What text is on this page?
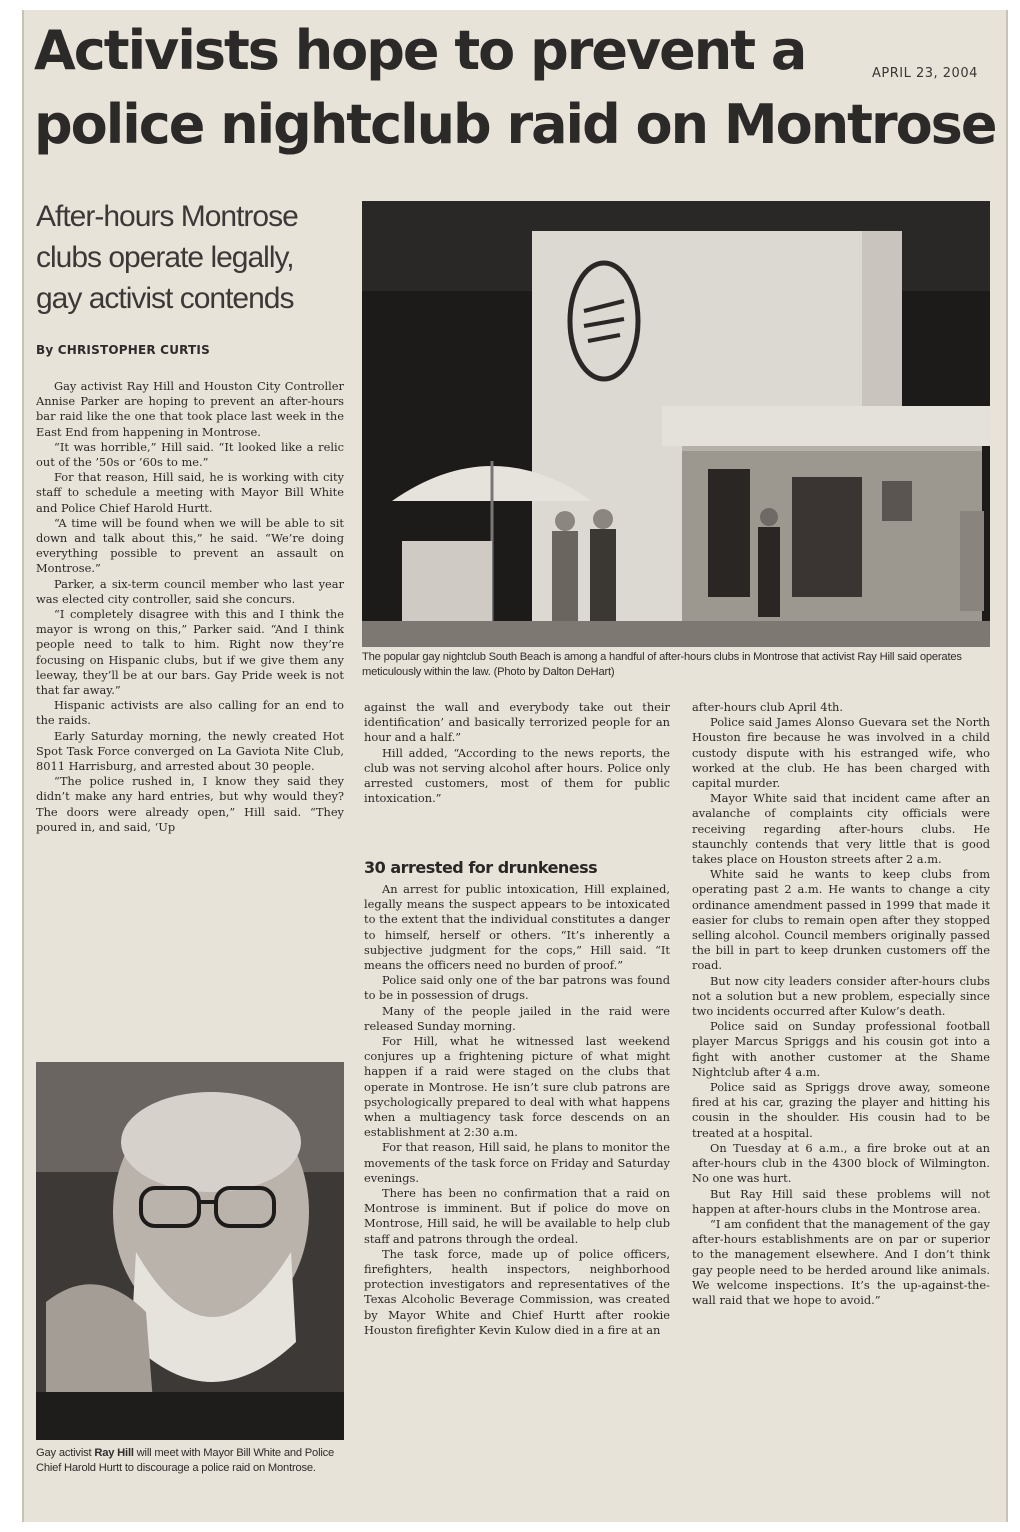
Activists hope to prevent a
police nightclub raid on Montrose
APRIL 23, 2004
After-hours Montrose
clubs operate legally,
gay activist contends
By CHRISTOPHER CURTIS
The popular gay nightclub South Beach is among a handful of after-hours clubs in Montrose that activist Ray Hill said operates meticulously within the law. (Photo by Dalton DeHart)

Gay activist Ray Hill and Houston City Controller Annise Parker are hoping to prevent an after-hours bar raid like the one that took place last week in the East End from happening in Montrose.

“It was horrible,” Hill said. “It looked like a relic out of the ’50s or ’60s to me.”

For that reason, Hill said, he is working with city staff to schedule a meeting with Mayor Bill White and Police Chief Harold Hurtt.

“A time will be found when we will be able to sit down and talk about this,” he said. “We’re doing everything possible to prevent an assault on Montrose.”

Parker, a six-term council member who last year was elected city controller, said she concurs.

“I completely disagree with this and I think the mayor is wrong on this,” Parker said. “And I think people need to talk to him. Right now they’re focusing on Hispanic clubs, but if we give them any leeway, they’ll be at our bars. Gay Pride week is not that far away.”

Hispanic activists are also calling for an end to the raids.

Early Saturday morning, the newly created Hot Spot Task Force converged on La Gaviota Nite Club, 8011 Harrisburg, and arrested about 30 people.

“The police rushed in, I know they said they didn’t make any hard entries, but why would they? The doors were already open,” Hill said. “They poured in, and said, ‘Up

Gay activist Ray Hill will meet with Mayor Bill White and Police Chief Harold Hurtt to discourage a police raid on Montrose.

against the wall and everybody take out their identification’ and basically terrorized people for an hour and a half.”

Hill added, “According to the news reports, the club was not serving alcohol after hours. Police only arrested customers, most of them for public intoxication.”

30 arrested for drunkeness

An arrest for public intoxication, Hill explained, legally means the suspect appears to be intoxicated to the extent that the individual constitutes a danger to himself, herself or others. “It’s inherently a subjective judgment for the cops,” Hill said. “It means the officers need no burden of proof.”

Police said only one of the bar patrons was found to be in possession of drugs.

Many of the people jailed in the raid were released Sunday morning.

For Hill, what he witnessed last weekend conjures up a frightening picture of what might happen if a raid were staged on the clubs that operate in Montrose. He isn’t sure club patrons are psychologically prepared to deal with what happens when a multiagency task force descends on an establishment at 2:30 a.m.

For that reason, Hill said, he plans to monitor the movements of the task force on Friday and Saturday evenings.

There has been no confirmation that a raid on Montrose is imminent. But if police do move on Montrose, Hill said, he will be available to help club staff and patrons through the ordeal.

The task force, made up of police officers, firefighters, health inspectors, neighborhood protection investigators and representatives of the Texas Alcoholic Beverage Commission, was created by Mayor White and Chief Hurtt after rookie Houston firefighter Kevin Kulow died in a fire at an

after-hours club April 4th.

Police said James Alonso Guevara set the North Houston fire because he was involved in a child custody dispute with his estranged wife, who worked at the club. He has been charged with capital murder.

Mayor White said that incident came after an avalanche of complaints city officials were receiving regarding after-hours clubs. He staunchly contends that very little that is good takes place on Houston streets after 2 a.m.

White said he wants to keep clubs from operating past 2 a.m. He wants to change a city ordinance amendment passed in 1999 that made it easier for clubs to remain open after they stopped selling alcohol. Council members originally passed the bill in part to keep drunken customers off the road.

But now city leaders consider after-hours clubs not a solution but a new problem, especially since two incidents occurred after Kulow’s death.

Police said on Sunday professional football player Marcus Spriggs and his cousin got into a fight with another customer at the Shame Nightclub after 4 a.m.

Police said as Spriggs drove away, someone fired at his car, grazing the player and hitting his cousin in the shoulder. His cousin had to be treated at a hospital.

On Tuesday at 6 a.m., a fire broke out at an after-hours club in the 4300 block of Wilmington. No one was hurt.

But Ray Hill said these problems will not happen at after-hours clubs in the Montrose area.

“I am confident that the management of the gay after-hours establishments are on par or superior to the management elsewhere. And I don’t think gay people need to be herded around like animals. We welcome inspections. It’s the up-against-the-wall raid that we hope to avoid.”
